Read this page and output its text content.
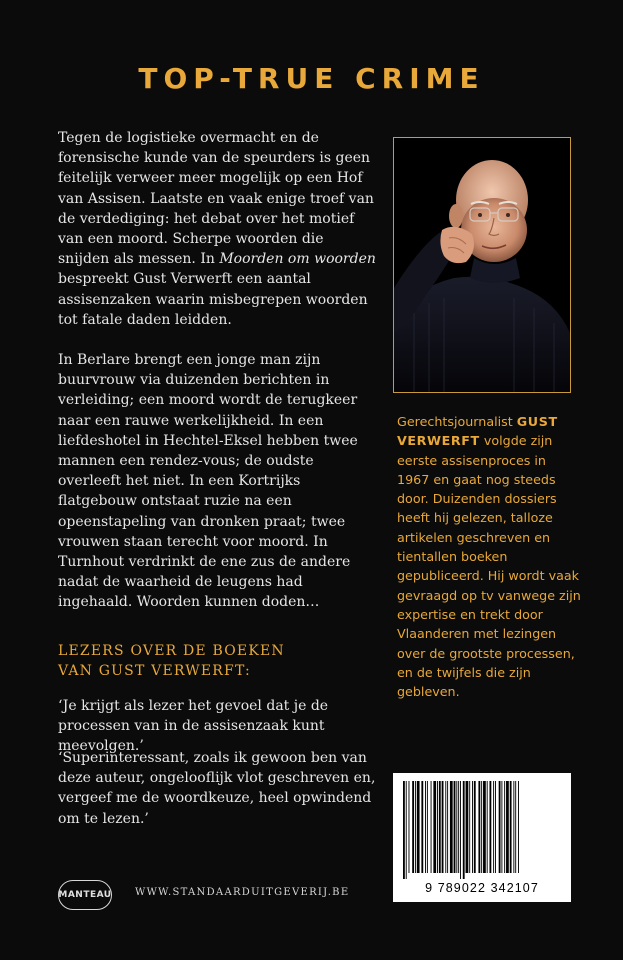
TOP-TRUE CRIME

Tegen de logistieke overmacht en de forensische kunde van de speurders is geen feitelijk verweer meer mogelijk op een Hof van Assisen. Laatste en vaak enige troef van de verdediging: het debat over het motief van een moord. Scherpe woorden die snijden als messen. In Moorden om woorden bespreekt Gust Verwerft een aantal assisenzaken waarin misbegrepen woorden tot fatale daden leidden.

In Berlare brengt een jonge man zijn buurvrouw via duizenden berichten in verleiding; een moord wordt de terugkeer naar een rauwe werkelijkheid. In een liefdeshotel in Hechtel-Eksel hebben twee mannen een rendez-vous; de oudste overleeft het niet. In een Kortrijks flatgebouw ontstaat ruzie na een opeenstapeling van dronken praat; twee vrouwen staan terecht voor moord. In Turnhout verdrinkt de ene zus de andere nadat de waarheid de leugens had ingehaald. Woorden kunnen doden…

Gerechtsjournalist GUST VERWERFT volgde zijn eerste assisenproces in 1967 en gaat nog steeds door. Duizenden dossiers heeft hij gelezen, talloze artikelen geschreven en tientallen boeken gepubliceerd. Hij wordt vaak gevraagd op tv vanwege zijn expertise en trekt door Vlaanderen met lezingen over de grootste processen, en de twijfels die zijn gebleven.
LEZERS OVER DE BOEKEN
VAN GUST VERWERFT:
‘Je krijgt als lezer het gevoel dat je de processen van in de assisenzaak kunt meevolgen.’
‘Superinteressant, zoals ik gewoon ben van deze auteur, ongelooflijk vlot geschreven en, vergeef me de woordkeuze, heel opwindend om te lezen.’
MANTEAU WWW.STANDAARDUITGEVERIJ.BE	9 789022 342107
